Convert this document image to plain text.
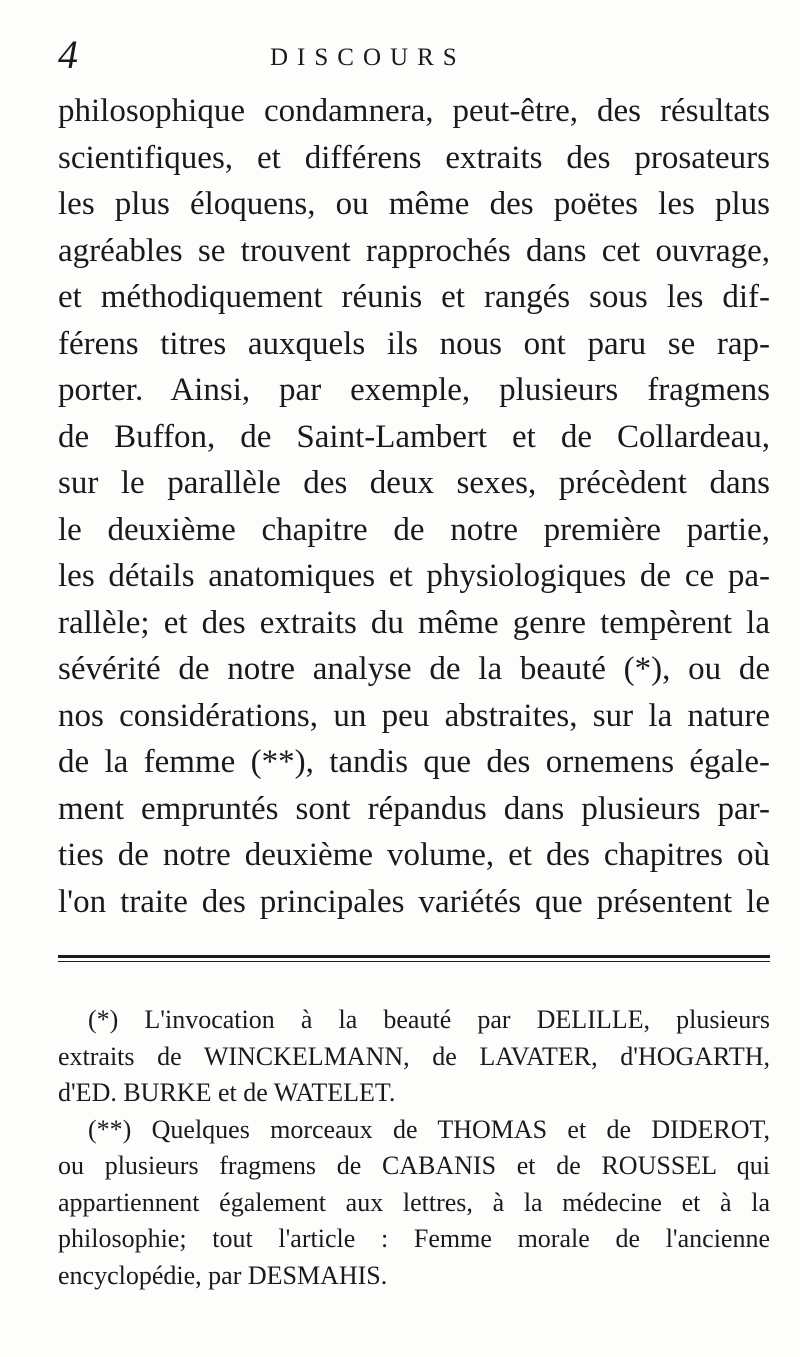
4	DISCOURS
philosophique condamnera, peut-être, des résultats
scientifiques, et différens extraits des prosateurs
les plus éloquens, ou même des poëtes les plus
agréables se trouvent rapprochés dans cet ouvrage,
et méthodiquement réunis et rangés sous les dif-
férens titres auxquels ils nous ont paru se rap-
porter. Ainsi, par exemple, plusieurs fragmens
de Buffon, de Saint-Lambert et de Collardeau,
sur le parallèle des deux sexes, précèdent dans
le deuxième chapitre de notre première partie,
les détails anatomiques et physiologiques de ce pa-
rallèle; et des extraits du même genre tempèrent la
sévérité de notre analyse de la beauté (*), ou de
nos considérations, un peu abstraites, sur la nature
de la femme (**), tandis que des ornemens égale-
ment empruntés sont répandus dans plusieurs par-
ties de notre deuxième volume, et des chapitres où
l'on traite des principales variétés que présentent le
(*) L'invocation à la beauté par DELILLE, plusieurs
extraits de WINCKELMANN, de LAVATER, d'HOGARTH,
d'ED. BURKE et de WATELET.
(**) Quelques morceaux de THOMAS et de DIDEROT,
ou plusieurs fragmens de CABANIS et de ROUSSEL qui
appartiennent également aux lettres, à la médecine et à la
philosophie; tout l'article : Femme morale de l'ancienne
encyclopédie, par DESMAHIS.
